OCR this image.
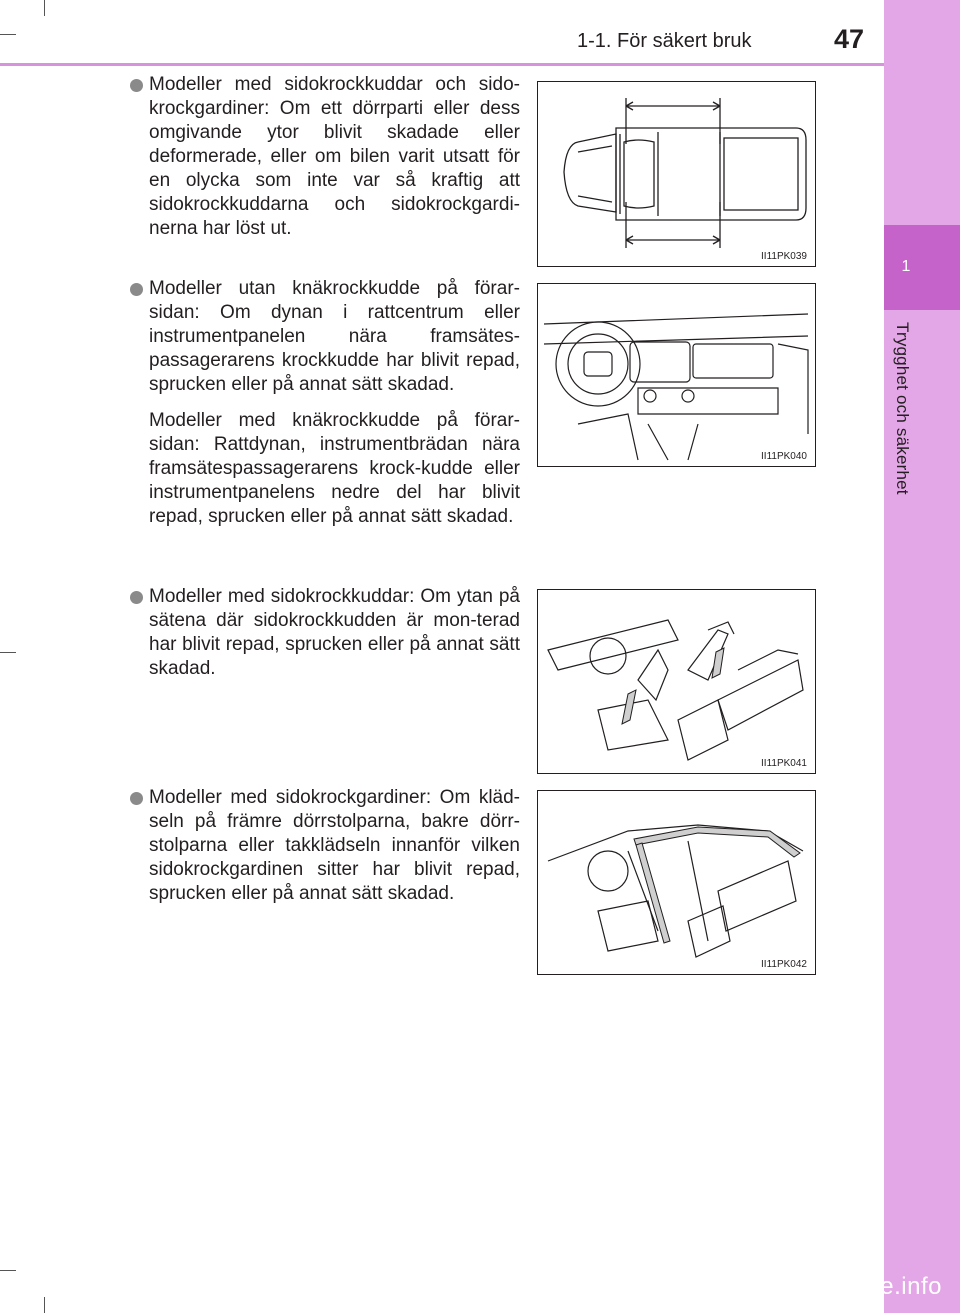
1
Trygghet och säkerhet
1-1. För säkert bruk	47

Modeller med sidokrockkuddar och sido-krockgardiner: Om ett dörrparti eller dess omgivande ytor blivit skadade eller deformerade, eller om bilen varit utsatt för en olycka som inte var så kraftig att sidokrockkuddarna och sidokrockgardi-nerna har löst ut.

II11PK039

Modeller utan knäkrockkudde på förar-sidan: Om dynan i rattcentrum eller instrumentpanelen nära framsätes-passagerarens krockkudde har blivit repad, sprucken eller på annat sätt skadad.

Modeller med knäkrockkudde på förar-sidan: Rattdynan, instrumentbrädan nära framsätespassagerarens krock-kudde eller instrumentpanelens nedre del har blivit repad, sprucken eller på annat sätt skadad.

II11PK040

Modeller med sidokrockkuddar: Om ytan på sätena där sidokrockkudden är mon-terad har blivit repad, sprucken eller på annat sätt skadad.

II11PK041

Modeller med sidokrockgardiner: Om kläd-seln på främre dörrstolparna, bakre dörr-stolparna eller takklädseln innanför vilken sidokrockgardinen sitter har blivit repad, sprucken eller på annat sätt skadad.

II11PK042
carmanualsonline.info
